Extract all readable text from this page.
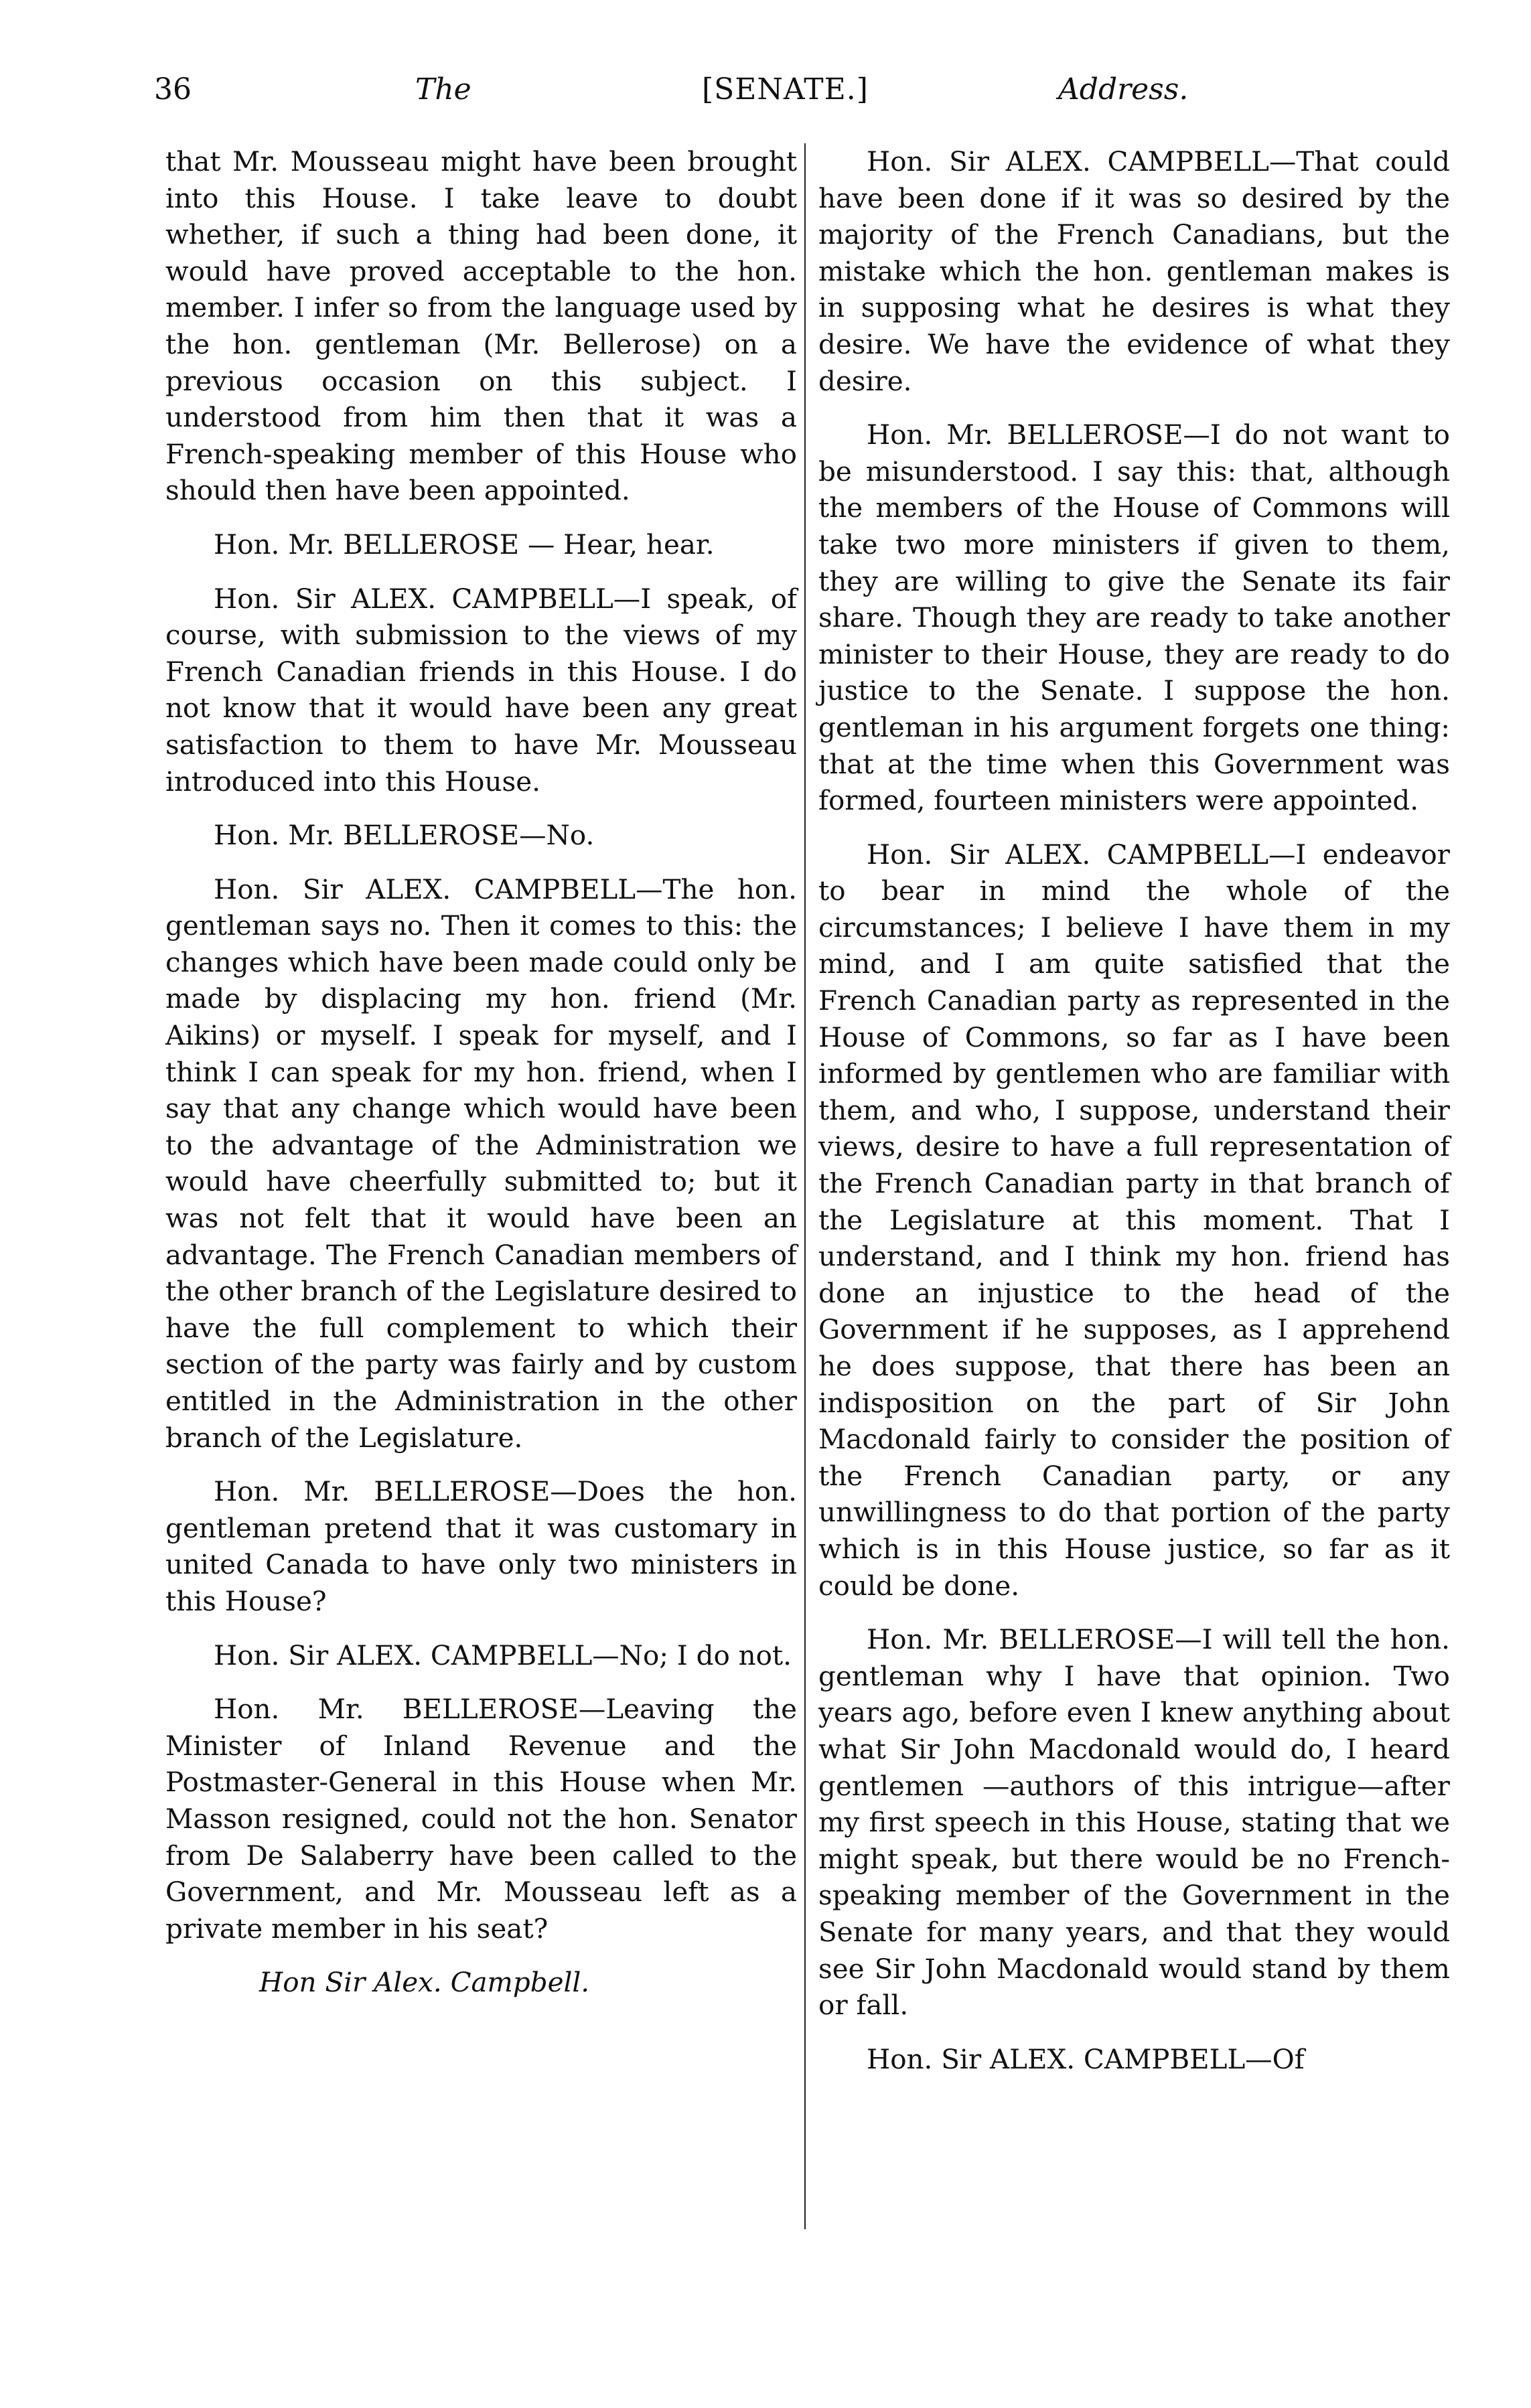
36	The	[SENATE.]	Address.

that Mr. Mousseau might have been brought into this House. I take leave to doubt whether, if such a thing had been done, it would have proved acceptable to the hon. member. I infer so from the language used by the hon. gentleman (Mr. Bellerose) on a previous occasion on this subject. I understood from him then that it was a French-speaking member of this House who should then have been appointed.

Hon. Mr. BELLEROSE — Hear, hear.

Hon. Sir ALEX. CAMPBELL—I speak, of course, with submission to the views of my French Canadian friends in this House. I do not know that it would have been any great satisfaction to them to have Mr. Mousseau introduced into this House.

Hon. Mr. BELLEROSE—No.

Hon. Sir ALEX. CAMPBELL—The hon. gentleman says no. Then it comes to this: the changes which have been made could only be made by displacing my hon. friend (Mr. Aikins) or myself. I speak for myself, and I think I can speak for my hon. friend, when I say that any change which would have been to the advantage of the Administration we would have cheerfully submitted to; but it was not felt that it would have been an advantage. The French Canadian members of the other branch of the Legislature desired to have the full complement to which their section of the party was fairly and by custom entitled in the Administration in the other branch of the Legislature.

Hon. Mr. BELLEROSE—Does the hon. gentleman pretend that it was customary in united Canada to have only two ministers in this House?

Hon. Sir ALEX. CAMPBELL—No; I do not.

Hon. Mr. BELLEROSE—Leaving the Minister of Inland Revenue and the Postmaster-General in this House when Mr. Masson resigned, could not the hon. Senator from De Salaberry have been called to the Government, and Mr. Mousseau left as a private member in his seat?

Hon Sir Alex. Campbell.

Hon. Sir ALEX. CAMPBELL—That could have been done if it was so desired by the majority of the French Canadians, but the mistake which the hon. gentleman makes is in supposing what he desires is what they desire. We have the evidence of what they desire.

Hon. Mr. BELLEROSE—I do not want to be misunderstood. I say this: that, although the members of the House of Commons will take two more ministers if given to them, they are willing to give the Senate its fair share. Though they are ready to take another minister to their House, they are ready to do justice to the Senate. I suppose the hon. gentleman in his argument forgets one thing: that at the time when this Government was formed, fourteen ministers were appointed.

Hon. Sir ALEX. CAMPBELL—I endeavor to bear in mind the whole of the circumstances; I believe I have them in my mind, and I am quite satisfied that the French Canadian party as represented in the House of Commons, so far as I have been informed by gentlemen who are familiar with them, and who, I suppose, understand their views, desire to have a full representation of the French Canadian party in that branch of the Legislature at this moment. That I understand, and I think my hon. friend has done an injustice to the head of the Government if he supposes, as I apprehend he does suppose, that there has been an indisposition on the part of Sir John Macdonald fairly to consider the position of the French Canadian party, or any unwillingness to do that portion of the party which is in this House justice, so far as it could be done.

Hon. Mr. BELLEROSE—I will tell the hon. gentleman why I have that opinion. Two years ago, before even I knew anything about what Sir John Macdonald would do, I heard gentlemen —authors of this intrigue—after my first speech in this House, stating that we might speak, but there would be no French-speaking member of the Government in the Senate for many years, and that they would see Sir John Macdonald would stand by them or fall.

Hon. Sir ALEX. CAMPBELL—Of
